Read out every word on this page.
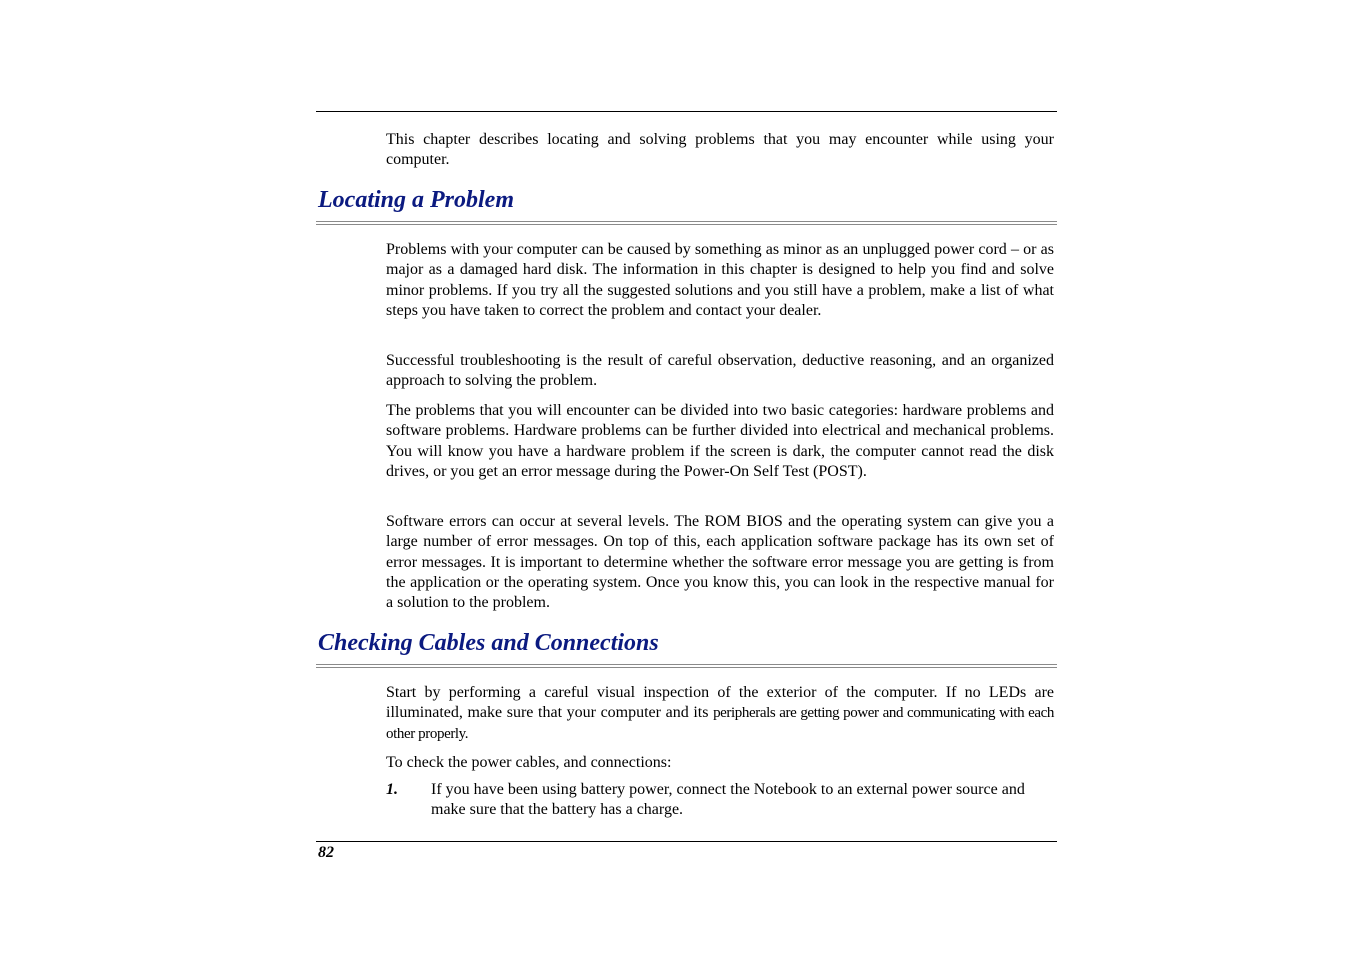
This chapter describes locating and solving problems that you may encounter while using your computer.

Locating a Problem

Problems with your computer can be caused by something as minor as an unplugged power cord – or as major as a damaged hard disk. The information in this chapter is designed to help you find and solve minor problems. If you try all the suggested solutions and you still have a problem, make a list of what steps you have taken to correct the problem and contact your dealer.

Successful troubleshooting is the result of careful observation, deductive reasoning, and an organized approach to solving the problem.

The problems that you will encounter can be divided into two basic categories: hardware problems and software problems. Hardware problems can be further divided into electrical and mechanical problems. You will know you have a hardware problem if the screen is dark, the computer cannot read the disk drives, or you get an error message during the Power-On Self Test (POST).

Software errors can occur at several levels. The ROM BIOS and the operating system can give you a large number of error messages. On top of this, each application software package has its own set of error messages. It is important to determine whether the software error message you are getting is from the application or the operating system. Once you know this, you can look in the respective manual for a solution to the problem.

Checking Cables and Connections

Start by performing a careful visual inspection of the exterior of the computer. If no LEDs are illuminated, make sure that your computer and its peripherals are getting power and communicating with each other properly.

To check the power cables, and connections:

1. If you have been using battery power, connect the Notebook to an external power source and make sure that the battery has a charge.

82
